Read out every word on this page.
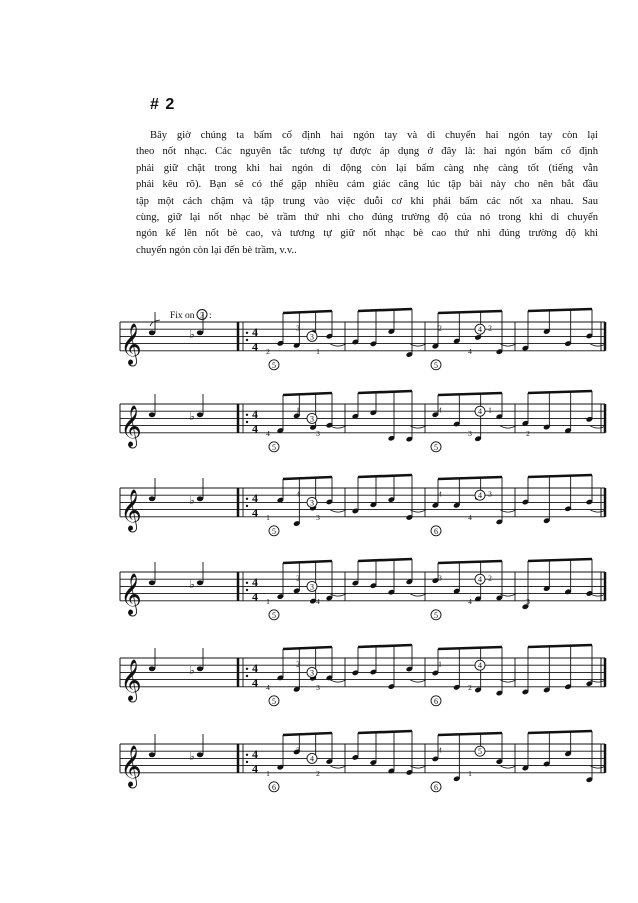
# 2
Bây giờ chúng ta bấm cố định hai ngón tay và di chuyển hai ngón tay còn lại
theo nốt nhạc. Các nguyên tắc tương tự được áp dụng ở đây là: hai ngón bấm cố định
phải giữ chặt trong khi hai ngón di động còn lại bấm càng nhẹ càng tốt (tiếng vẫn
phải kêu rõ). Bạn sẽ có thể gặp nhiều cảm giác căng lúc tập bài này cho nên bắt đầu
tập một cách chậm và tập trung vào việc duỗi cơ khi phải bấm các nốt xa nhau. Sau
cùng, giữ lại nốt nhạc bè trầm thứ nhì cho đúng trường độ của nó trong khi di chuyển
ngón kế lên nốt bè cao, và tương tự giữ nốt nhạc bè cao thứ nhì đúng trường độ khi
chuyển ngón còn lại đến bè trầm, v.v..
Fix on 3 :
𝄞	♭	4
4 2
3
1
2
4
2
5
3
5
4
𝄞	♭	4
4 4
1
3
4
3
1
2
5
3
5
4
𝄞	♭	4
4 1
4
3
4
4
3
5
3
6
4
𝄞	♭	4
4 1
2
4
3
4
2
3
5
3
5
4
𝄞	♭	4
4 4
2
3
1
2
5
3
6
4
𝄞	♭	4
4 1
3
2
4
1
6
4
6
5
